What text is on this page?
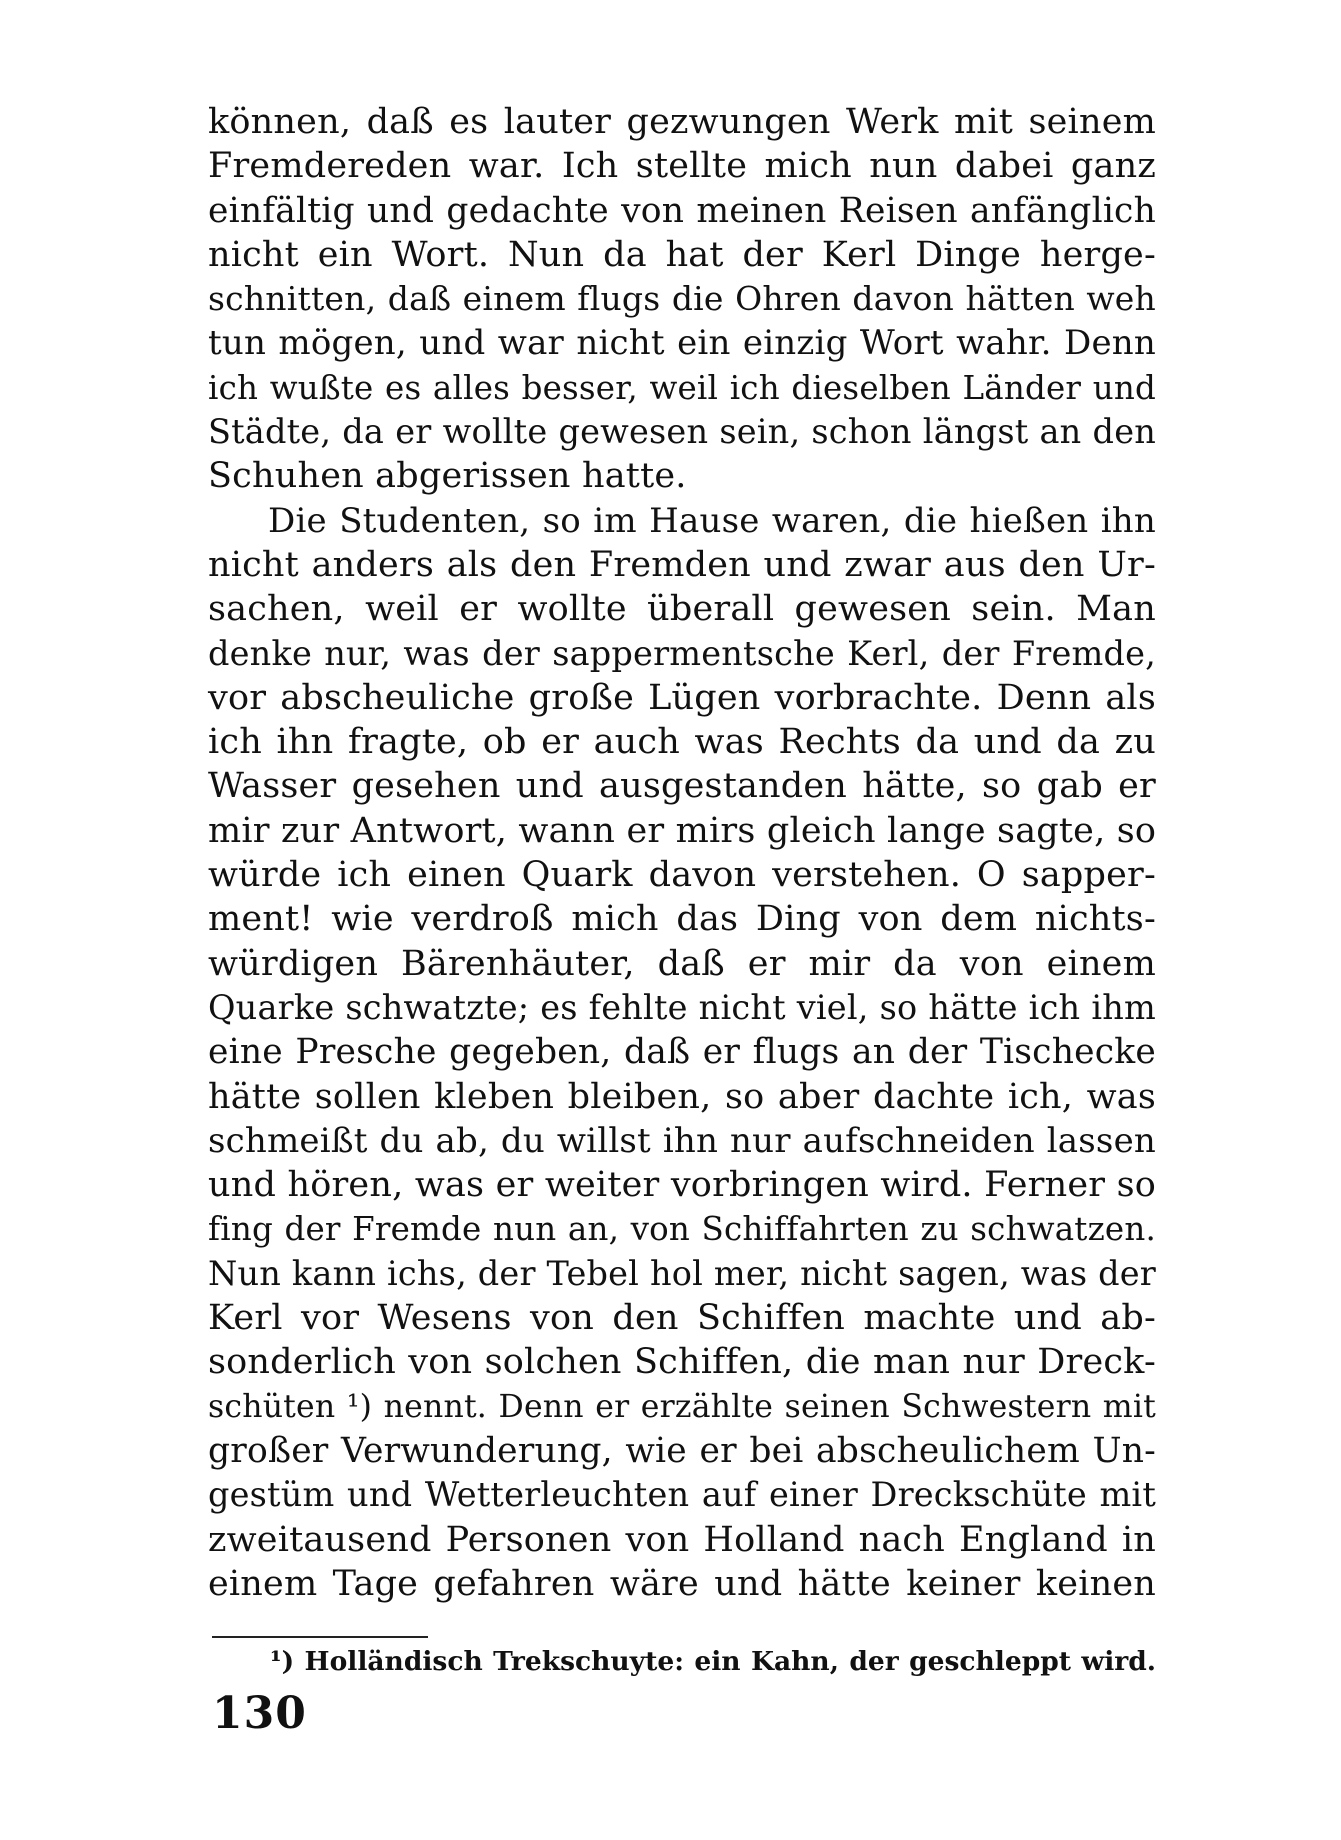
können, daß es lauter gezwungen Werk mit seinem
Fremdereden war. Ich stellte mich nun dabei ganz
einfältig und gedachte von meinen Reisen anfänglich
nicht ein Wort. Nun da hat der Kerl Dinge herge-
schnitten, daß einem flugs die Ohren davon hätten weh
tun mögen, und war nicht ein einzig Wort wahr. Denn
ich wußte es alles besser, weil ich dieselben Länder und
Städte, da er wollte gewesen sein, schon längst an den
Schuhen abgerissen hatte.
Die Studenten, so im Hause waren, die hießen ihn
nicht anders als den Fremden und zwar aus den Ur-
sachen, weil er wollte überall gewesen sein. Man
denke nur, was der sappermentsche Kerl, der Fremde,
vor abscheuliche große Lügen vorbrachte. Denn als
ich ihn fragte, ob er auch was Rechts da und da zu
Wasser gesehen und ausgestanden hätte, so gab er
mir zur Antwort, wann er mirs gleich lange sagte, so
würde ich einen Quark davon verstehen. O sapper-
ment! wie verdroß mich das Ding von dem nichts-
würdigen Bärenhäuter, daß er mir da von einem
Quarke schwatzte; es fehlte nicht viel, so hätte ich ihm
eine Presche gegeben, daß er flugs an der Tischecke
hätte sollen kleben bleiben, so aber dachte ich, was
schmeißt du ab, du willst ihn nur aufschneiden lassen
und hören, was er weiter vorbringen wird. Ferner so
fing der Fremde nun an, von Schiffahrten zu schwatzen.
Nun kann ichs, der Tebel hol mer, nicht sagen, was der
Kerl vor Wesens von den Schiffen machte und ab-
sonderlich von solchen Schiffen, die man nur Dreck-
schüten ¹) nennt. Denn er erzählte seinen Schwestern mit
großer Verwunderung, wie er bei abscheulichem Un-
gestüm und Wetterleuchten auf einer Dreckschüte mit
zweitausend Personen von Holland nach England in
einem Tage gefahren wäre und hätte keiner keinen
¹) Holländisch Trekschuyte: ein Kahn, der geschleppt wird.
130
